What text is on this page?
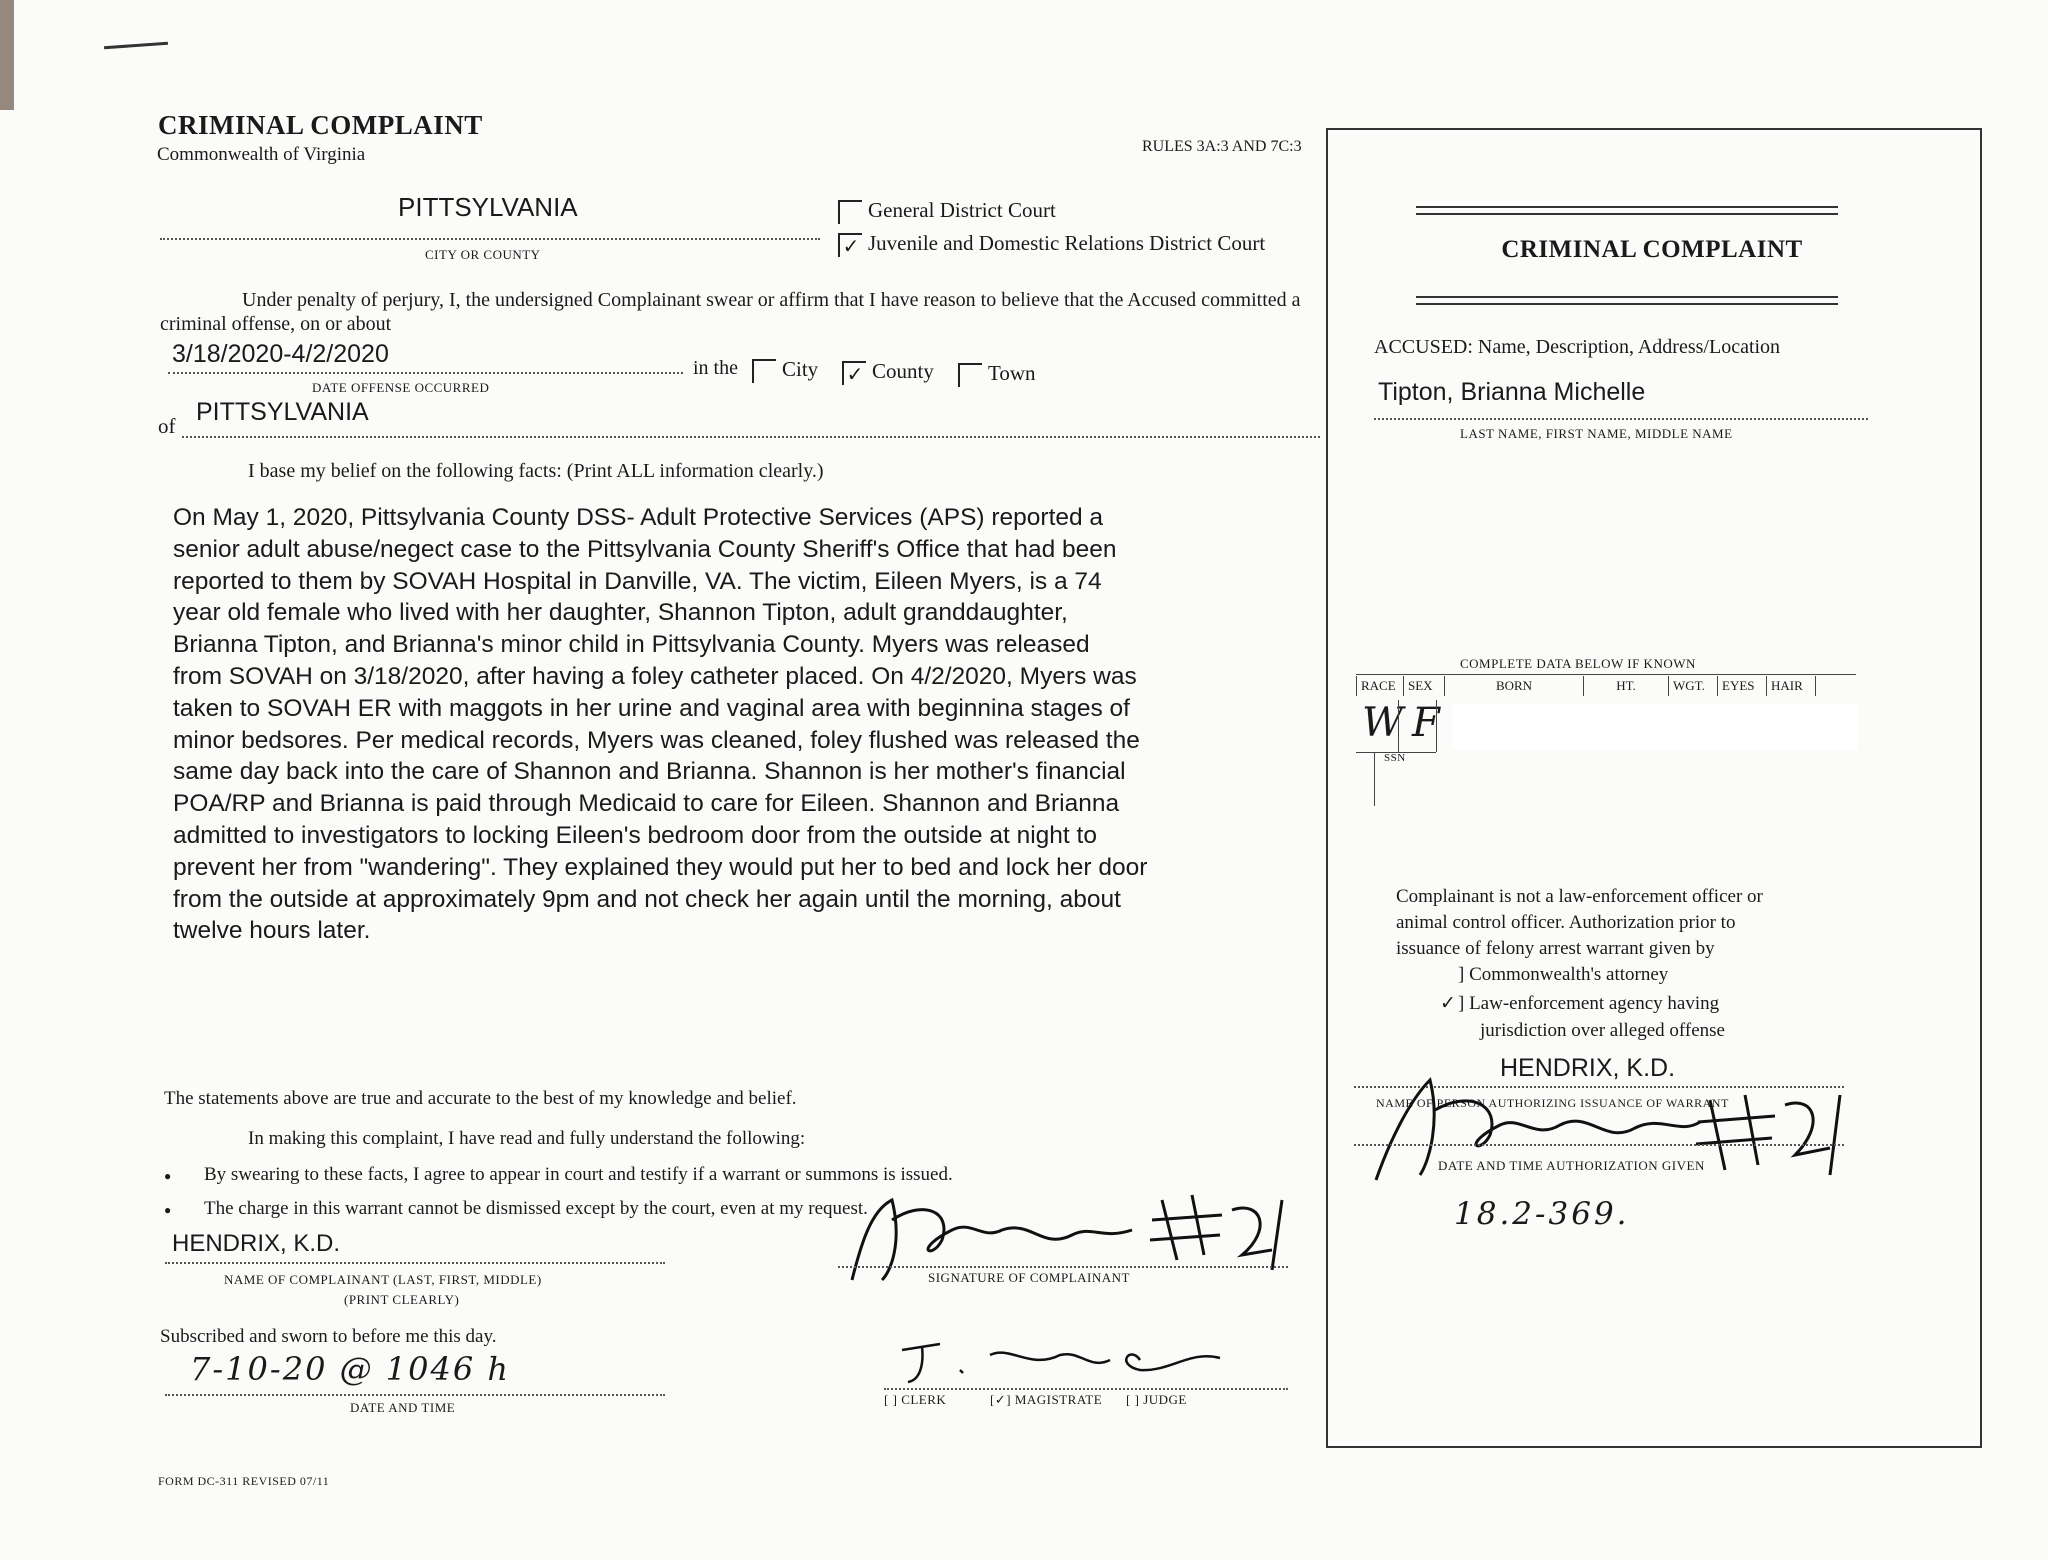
CRIMINAL COMPLAINT
Commonwealth of Virginia	RULES 3A:3 AND 7C:3
PITTSYLVANIA
CITY OR COUNTY
General District Court
✓ Juvenile and Domestic Relations District Court
Under penalty of perjury, I, the undersigned Complainant swear or affirm that I have reason to believe that the Accused committed a criminal offense, on or about
3/18/2020-4/2/2020
DATE OFFENSE OCCURRED
in the	City ✓ County	Town
of PITTSYLVANIA
I base my belief on the following facts: (Print ALL information clearly.)
On May 1, 2020, Pittsylvania County DSS- Adult Protective Services (APS) reported a
senior adult abuse/negect case to the Pittsylvania County Sheriff's Office that had been
reported to them by SOVAH Hospital in Danville, VA. The victim, Eileen Myers, is a 74
year old female who lived with her daughter, Shannon Tipton, adult granddaughter,
Brianna Tipton, and Brianna's minor child in Pittsylvania County. Myers was released
from SOVAH on 3/18/2020, after having a foley catheter placed. On 4/2/2020, Myers was
taken to SOVAH ER with maggots in her urine and vaginal area with beginnina stages of
minor bedsores. Per medical records, Myers was cleaned, foley flushed was released the
same day back into the care of Shannon and Brianna. Shannon is her mother's financial
POA/RP and Brianna is paid through Medicaid to care for Eileen. Shannon and Brianna
admitted to investigators to locking Eileen's bedroom door from the outside at night to
prevent her from "wandering". They explained they would put her to bed and lock her door
from the outside at approximately 9pm and not check her again until the morning, about
twelve hours later.
The statements above are true and accurate to the best of my knowledge and belief.
In making this complaint, I have read and fully understand the following:
● By swearing to these facts, I agree to appear in court and testify if a warrant or summons is issued.
● The charge in this warrant cannot be dismissed except by the court, even at my request.
HENDRIX, K.D.
NAME OF COMPLAINANT (LAST, FIRST, MIDDLE)
(PRINT CLEARLY)
SIGNATURE OF COMPLAINANT
Subscribed and sworn to before me this day.
7-10-20 @ 1046 h
DATE AND TIME
[ ] CLERK	[✓] MAGISTRATE [ ] JUDGE
FORM DC-311 REVISED 07/11
CRIMINAL COMPLAINT
ACCUSED: Name, Description, Address/Location
Tipton, Brianna Michelle
LAST NAME, FIRST NAME, MIDDLE NAME
COMPLETE DATA BELOW IF KNOWN
RACE	SEX	BORN	HT.	WGT.	EYES	HAIR
W F
SSN
Complainant is not a law-enforcement officer or
animal control officer. Authorization prior to
issuance of felony arrest warrant given by
] Commonwealth's attorney
✓ ] Law-enforcement agency having
jurisdiction over alleged offense
HENDRIX, K.D.
NAME OF PERSON AUTHORIZING ISSUANCE OF WARRANT
DATE AND TIME AUTHORIZATION GIVEN
18.2-369.
